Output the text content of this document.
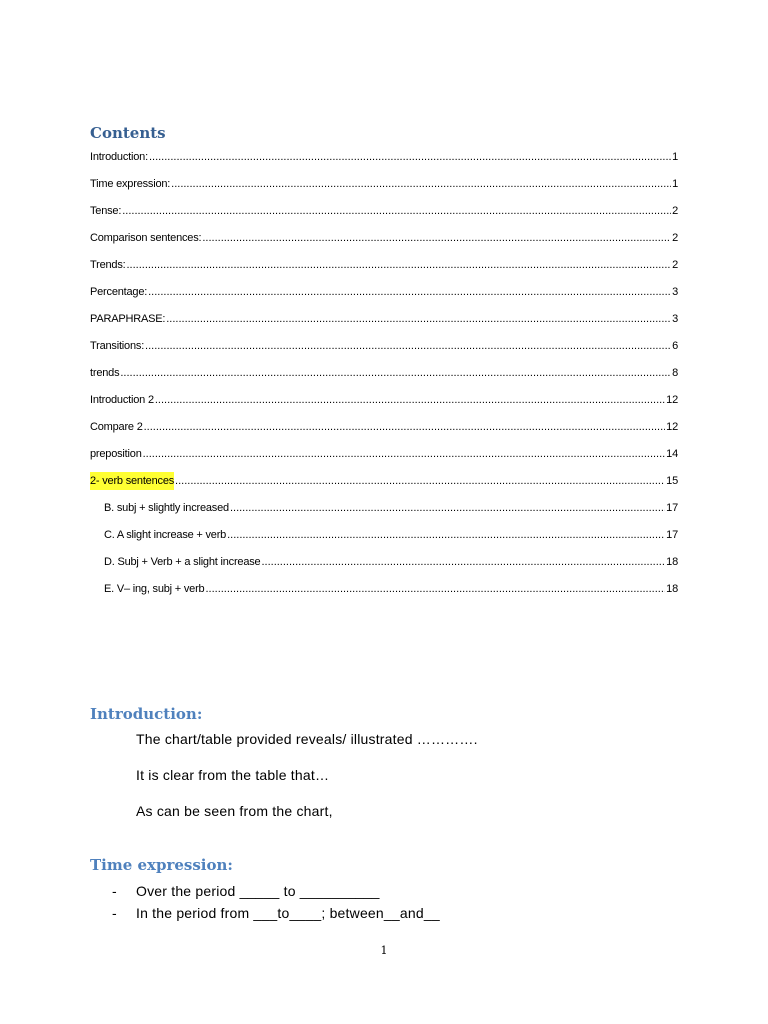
Contents
Introduction: .....	1
Time expression: .....	1
Tense: .....	2
Comparison sentences: .....	2
Trends: .....	2
Percentage: .....	3
PARAPHRASE: .....	3
Transitions: .....	6
trends .....	8
Introduction 2 .....	12
Compare 2 .....	12
preposition .....	14
2- verb sentences .....	15
B. subj + slightly increased .....	17
C. A slight increase + verb .....	17
D. Subj + Verb + a slight increase .....	18
E. V– ing, subj + verb .....	18
Introduction:

The chart/table provided reveals/ illustrated ………….

It is clear from the table that…

As can be seen from the chart,

Time expression:
-	Over the period _____ to __________
-	In the period from ___to____; between__and__

1
